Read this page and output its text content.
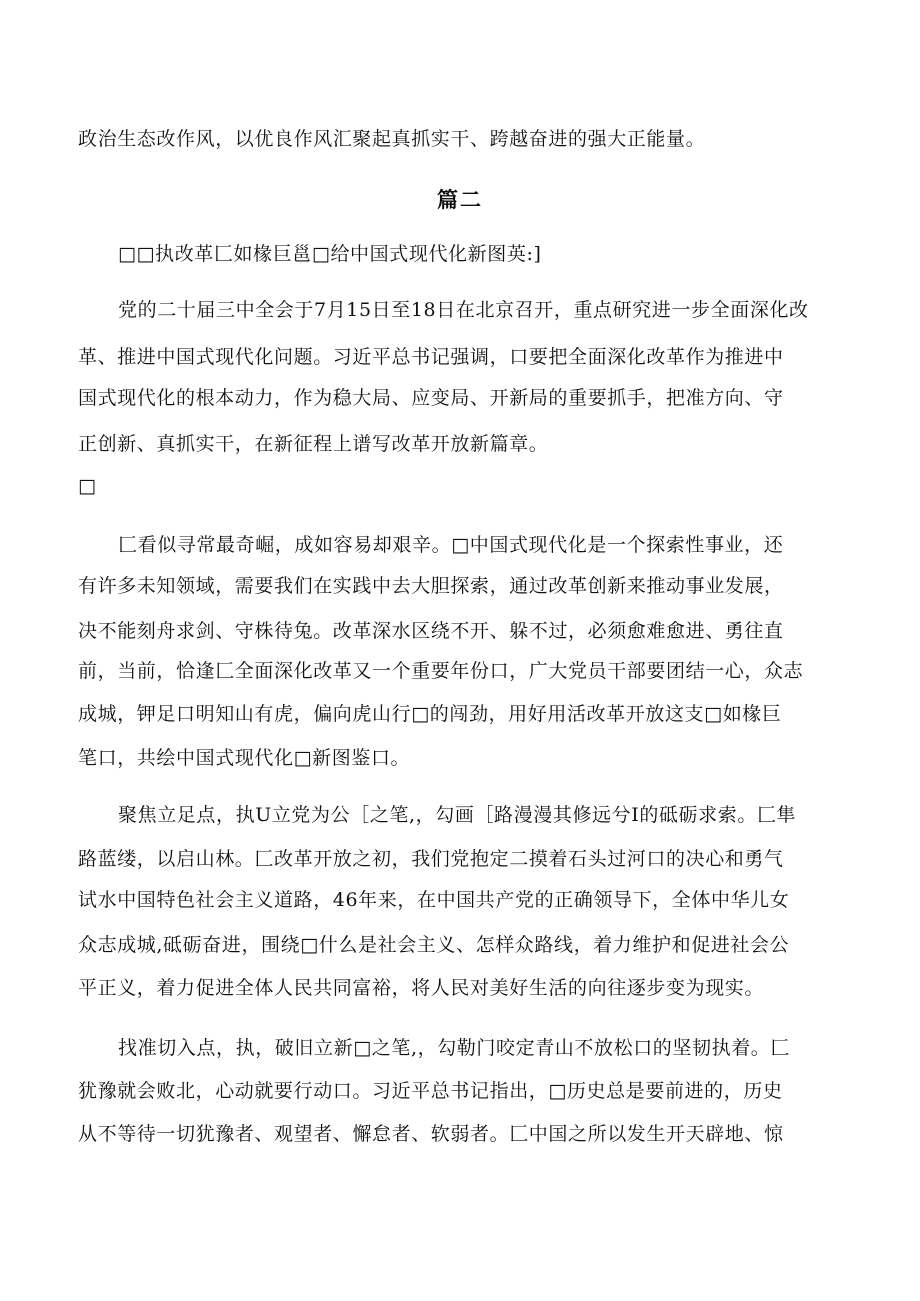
政治生态改作风，以优良作风汇聚起真抓实干、跨越奋进的强大正能量。
篇二
□□执改革匚如椽巨邕□给中国式现代化新图英:]
党的二十届三中全会于7月15日至18日在北京召开，重点研究进一步全面深化改
革、推进中国式现代化问题。习近平总书记强调，口要把全面深化改革作为推进中
国式现代化的根本动力，作为稳大局、应变局、开新局的重要抓手，把准方向、守
正创新、真抓实干，在新征程上谱写改革开放新篇章。
□
匚看似寻常最奇崛，成如容易却艰辛。□中国式现代化是一个探索性事业，还
有许多未知领域，需要我们在实践中去大胆探索，通过改革创新来推动事业发展，
决不能刻舟求剑、守株待兔。改革深水区绕不开、躲不过，必须愈难愈进、勇往直
前，当前，恰逢匚全面深化改革又一个重要年份口，广大党员干部要团结一心，众志
成城，钾足口明知山有虎，偏向虎山行□的闯劲，用好用活改革开放这支□如椽巨
笔口，共绘中国式现代化□新图鉴口。
聚焦立足点，执U立党为公［之笔,，勾画［路漫漫其修远兮I的砥砺求索。匚隼
路蓝缕，以启山林。匚改革开放之初，我们党抱定二摸着石头过河口的决心和勇气
试水中国特色社会主义道路，46年来，在中国共产党的正确领导下，全体中华儿女
众志成城,砥砺奋进，围绕□什么是社会主义、怎样众路线，着力维护和促进社会公
平正义，着力促进全体人民共同富裕，将人民对美好生活的向往逐步变为现实。
找准切入点，执，破旧立新□之笔,，勾勒门咬定青山不放松口的坚韧执着。匚
犹豫就会败北，心动就要行动口。习近平总书记指出，□历史总是要前进的，历史
从不等待一切犹豫者、观望者、懈怠者、软弱者。匚中国之所以发生开天辟地、惊
